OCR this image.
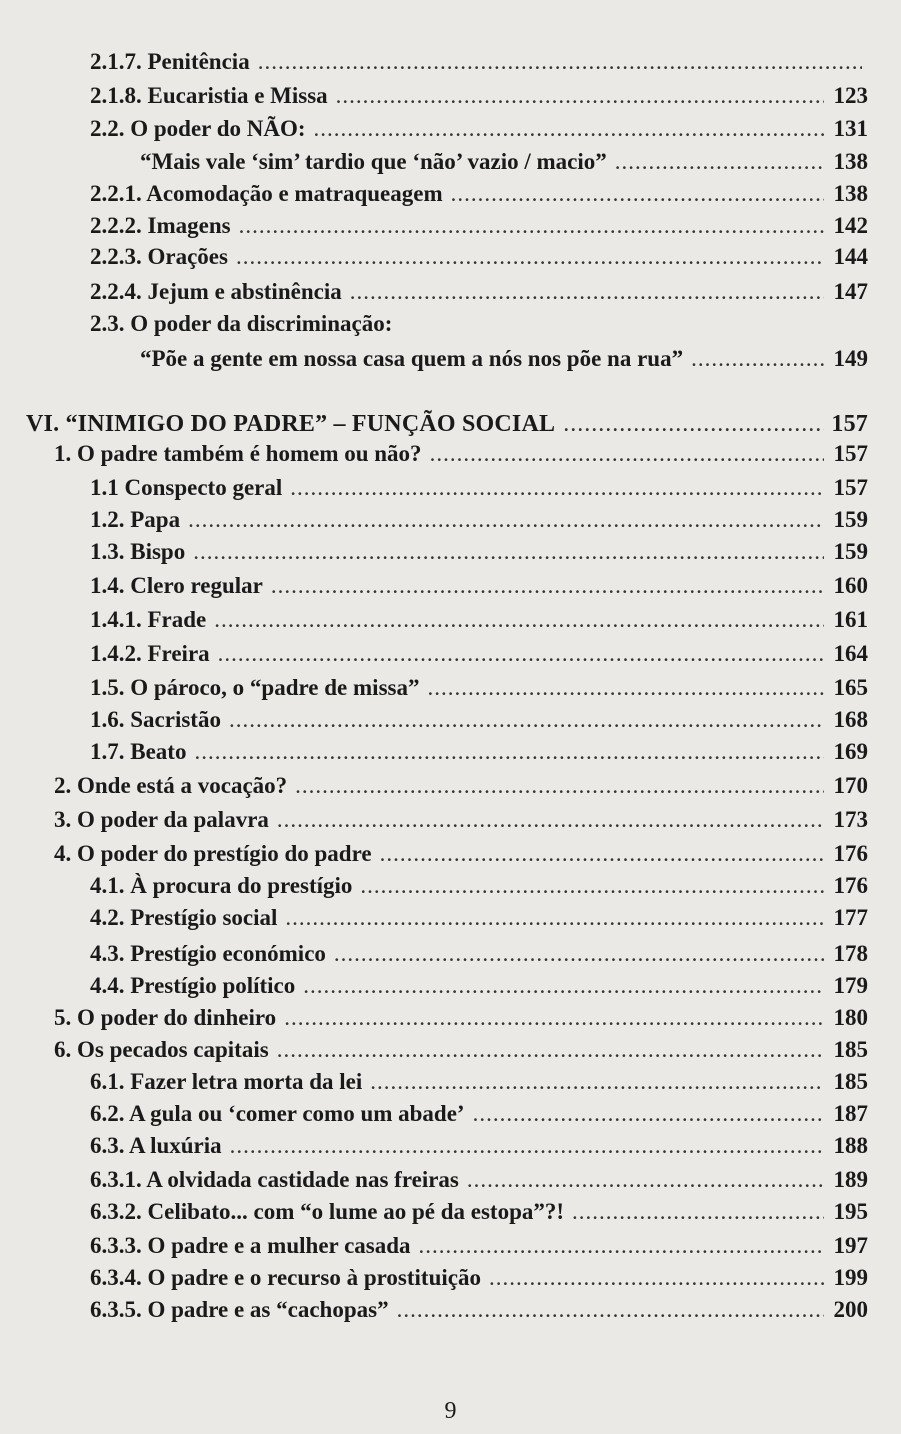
2.1.7. Penitência
.....
2.1.8. Eucaristia e Missa .....	123
2.2. O poder do NÃO: .....	131
“Mais vale ‘sim’ tardio que ‘não’ vazio / macio” .....	138
2.2.1. Acomodação e matraqueagem .....	138
2.2.2. Imagens .....	142
2.2.3. Orações .....	144
2.2.4. Jejum e abstinência .....	147
2.3. O poder da discriminação:
“Põe a gente em nossa casa quem a nós nos põe na rua” .....	149
VI. “INIMIGO DO PADRE” – FUNÇÃO SOCIAL .....	157
1. O padre também é homem ou não? .....	157
1.1 Conspecto geral .....	157
1.2. Papa .....	159
1.3. Bispo .....	159
1.4. Clero regular .....	160
1.4.1. Frade .....	161
1.4.2. Freira .....	164
1.5. O pároco, o “padre de missa” .....	165
1.6. Sacristão .....	168
1.7. Beato .....	169
2. Onde está a vocação? .....	170
3. O poder da palavra .....	173
4. O poder do prestígio do padre .....	176
4.1. À procura do prestígio .....	176
4.2. Prestígio social .....	177
4.3. Prestígio económico .....	178
4.4. Prestígio político .....	179
5. O poder do dinheiro .....	180
6. Os pecados capitais .....	185
6.1. Fazer letra morta da lei .....	185
6.2. A gula ou ‘comer como um abade’ .....	187
6.3. A luxúria .....	188
6.3.1. A olvidada castidade nas freiras .....	189
6.3.2. Celibato... com “o lume ao pé da estopa”?! .....	195
6.3.3. O padre e a mulher casada .....	197
6.3.4. O padre e o recurso à prostituição .....	199
6.3.5. O padre e as “cachopas” .....	200
9
